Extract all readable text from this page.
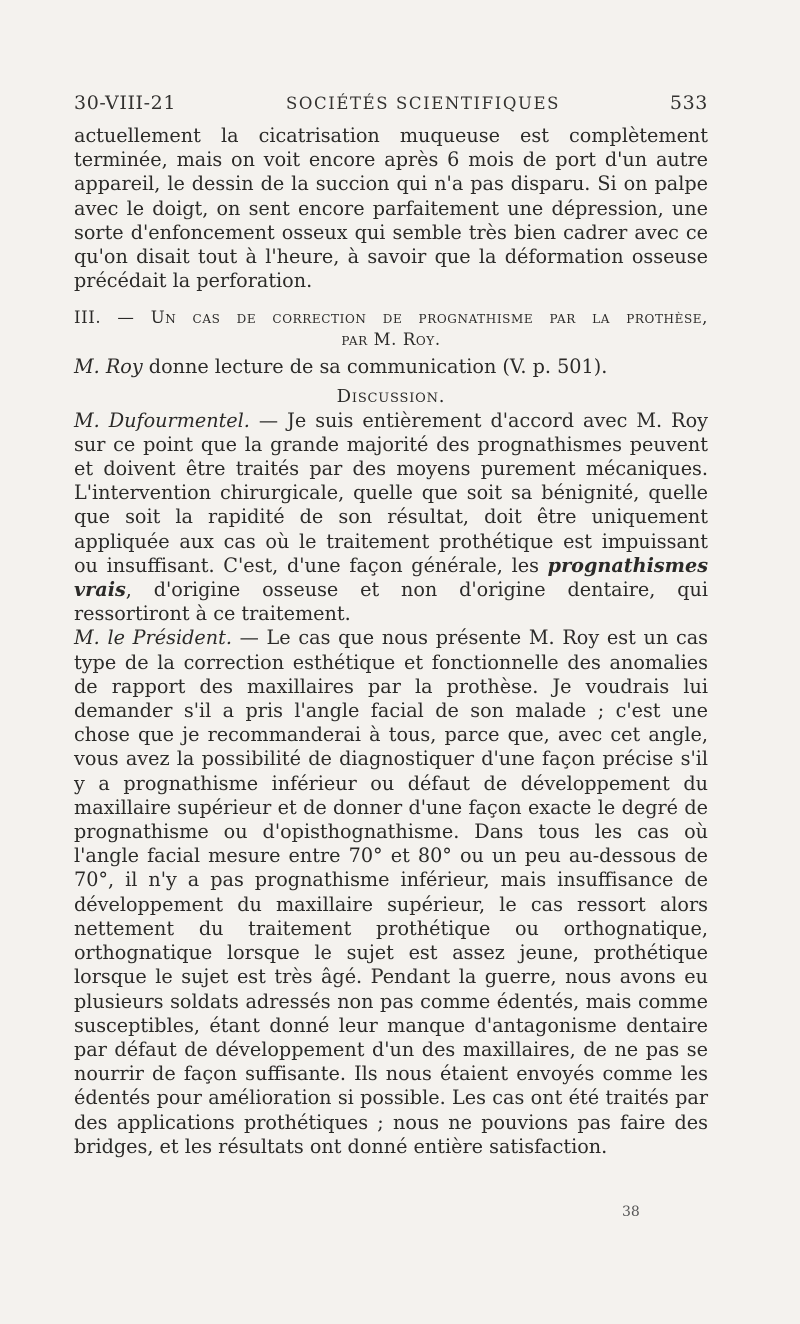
30-VIII-21	SOCIÉTÉS SCIENTIFIQUES	533

actuellement la cicatrisation muqueuse est complètement terminée, mais on voit encore après 6 mois de port d'un autre appareil, le dessin de la succion qui n'a pas disparu. Si on palpe avec le doigt, on sent encore parfaitement une dépression, une sorte d'enfoncement osseux qui semble très bien cadrer avec ce qu'on disait tout à l'heure, à savoir que la déformation osseuse précédait la perforation.

III. — Un cas de correction de prognathisme par la prothèse,
par M. Roy.

M. Roy donne lecture de sa communication (V. p. 501).

Discussion.

M. Dufourmentel. — Je suis entièrement d'accord avec M. Roy sur ce point que la grande majorité des prognathismes peuvent et doivent être traités par des moyens purement mécaniques. L'intervention chirurgicale, quelle que soit sa bénignité, quelle que soit la rapidité de son résultat, doit être uniquement appliquée aux cas où le traitement prothétique est impuissant ou insuffisant. C'est, d'une façon générale, les prognathismes vrais, d'origine osseuse et non d'origine dentaire, qui ressortiront à ce traitement.

M. le Président. — Le cas que nous présente M. Roy est un cas type de la correction esthétique et fonctionnelle des anomalies de rapport des maxillaires par la prothèse. Je voudrais lui demander s'il a pris l'angle facial de son malade ; c'est une chose que je recommanderai à tous, parce que, avec cet angle, vous avez la possibilité de diagnostiquer d'une façon précise s'il y a prognathisme inférieur ou défaut de développement du maxillaire supérieur et de donner d'une façon exacte le degré de prognathisme ou d'opisthognathisme. Dans tous les cas où l'angle facial mesure entre 70° et 80° ou un peu au-dessous de 70°, il n'y a pas prognathisme inférieur, mais insuffisance de développement du maxillaire supérieur, le cas ressort alors nettement du traitement prothétique ou orthognatique, orthognatique lorsque le sujet est assez jeune, prothétique lorsque le sujet est très âgé. Pendant la guerre, nous avons eu plusieurs soldats adressés non pas comme édentés, mais comme susceptibles, étant donné leur manque d'antagonisme dentaire par défaut de développement d'un des maxillaires, de ne pas se nourrir de façon suffisante. Ils nous étaient envoyés comme les édentés pour amélioration si possible. Les cas ont été traités par des applications prothétiques ; nous ne pouvions pas faire des bridges, et les résultats ont donné entière satisfaction.

38
